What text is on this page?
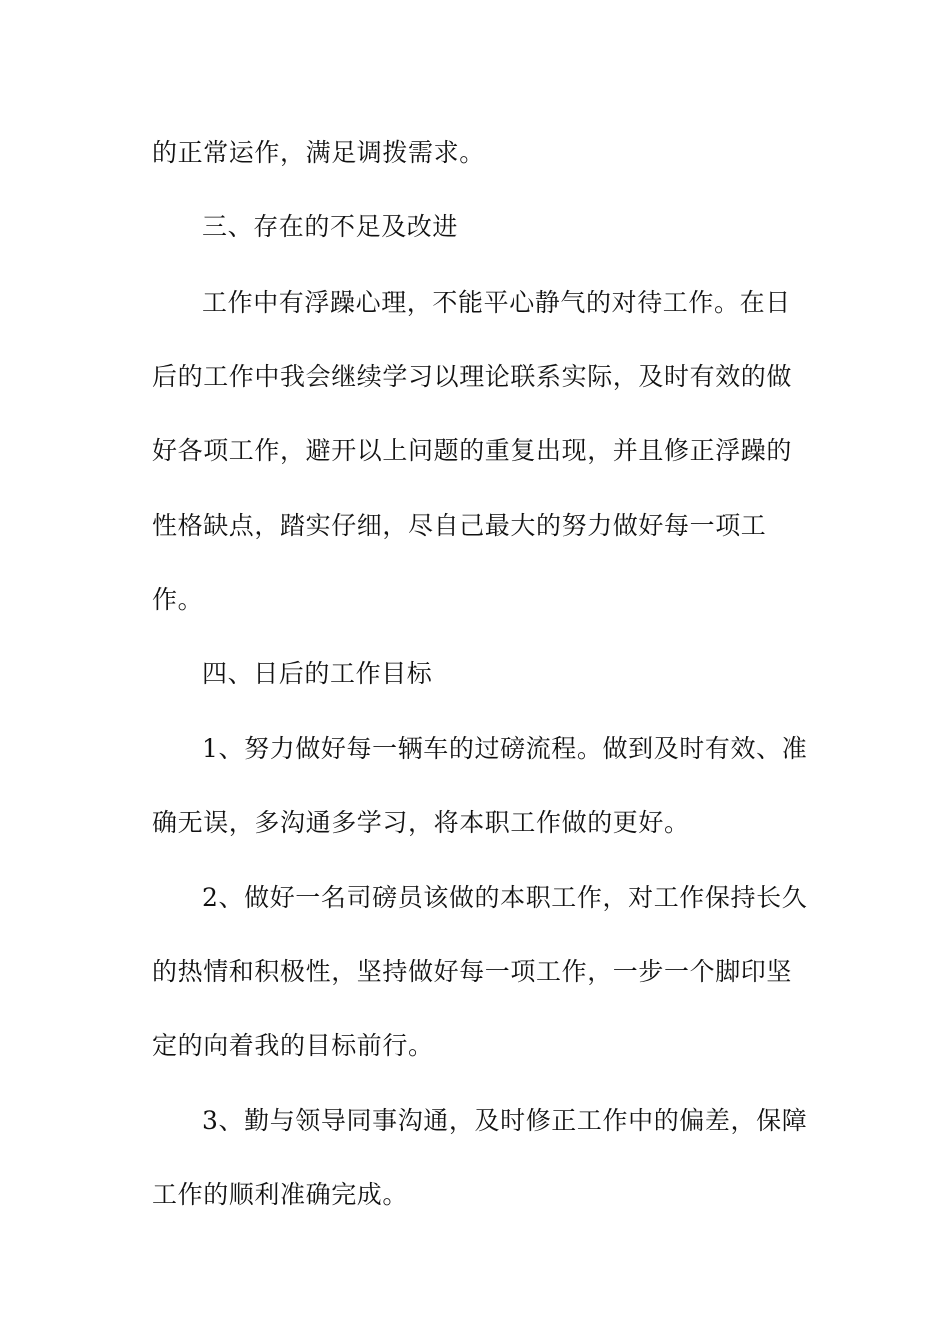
的正常运作，满足调拨需求。

三、存在的不足及改进

工作中有浮躁心理，不能平心静气的对待工作。在日

后的工作中我会继续学习以理论联系实际，及时有效的做

好各项工作，避开以上问题的重复出现，并且修正浮躁的

性格缺点，踏实仔细，尽自己最大的努力做好每一项工

作。

四、日后的工作目标

1、努力做好每一辆车的过磅流程。做到及时有效、准

确无误，多沟通多学习，将本职工作做的更好。

2、做好一名司磅员该做的本职工作，对工作保持长久

的热情和积极性，坚持做好每一项工作，一步一个脚印坚

定的向着我的目标前行。

3、勤与领导同事沟通，及时修正工作中的偏差，保障

工作的顺利准确完成。
